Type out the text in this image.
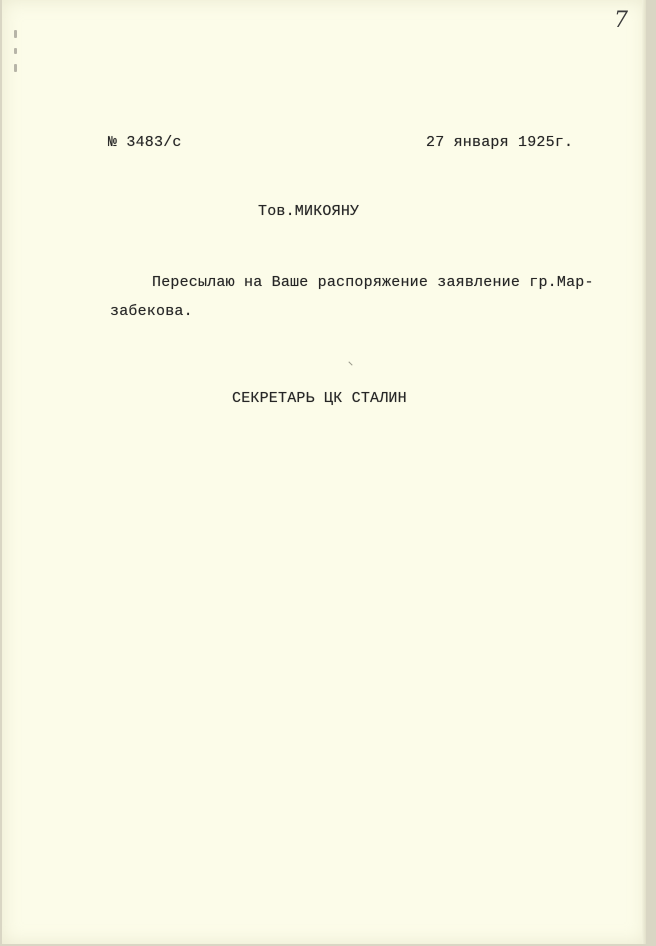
7
№ 3483/с	27 января 1925г.
Тов.МИКОЯНУ
Пересылаю на Ваше распоряжение заявление гр.Мар-
забекова.
СЕКРЕТАРЬ ЦК СТАЛИН
